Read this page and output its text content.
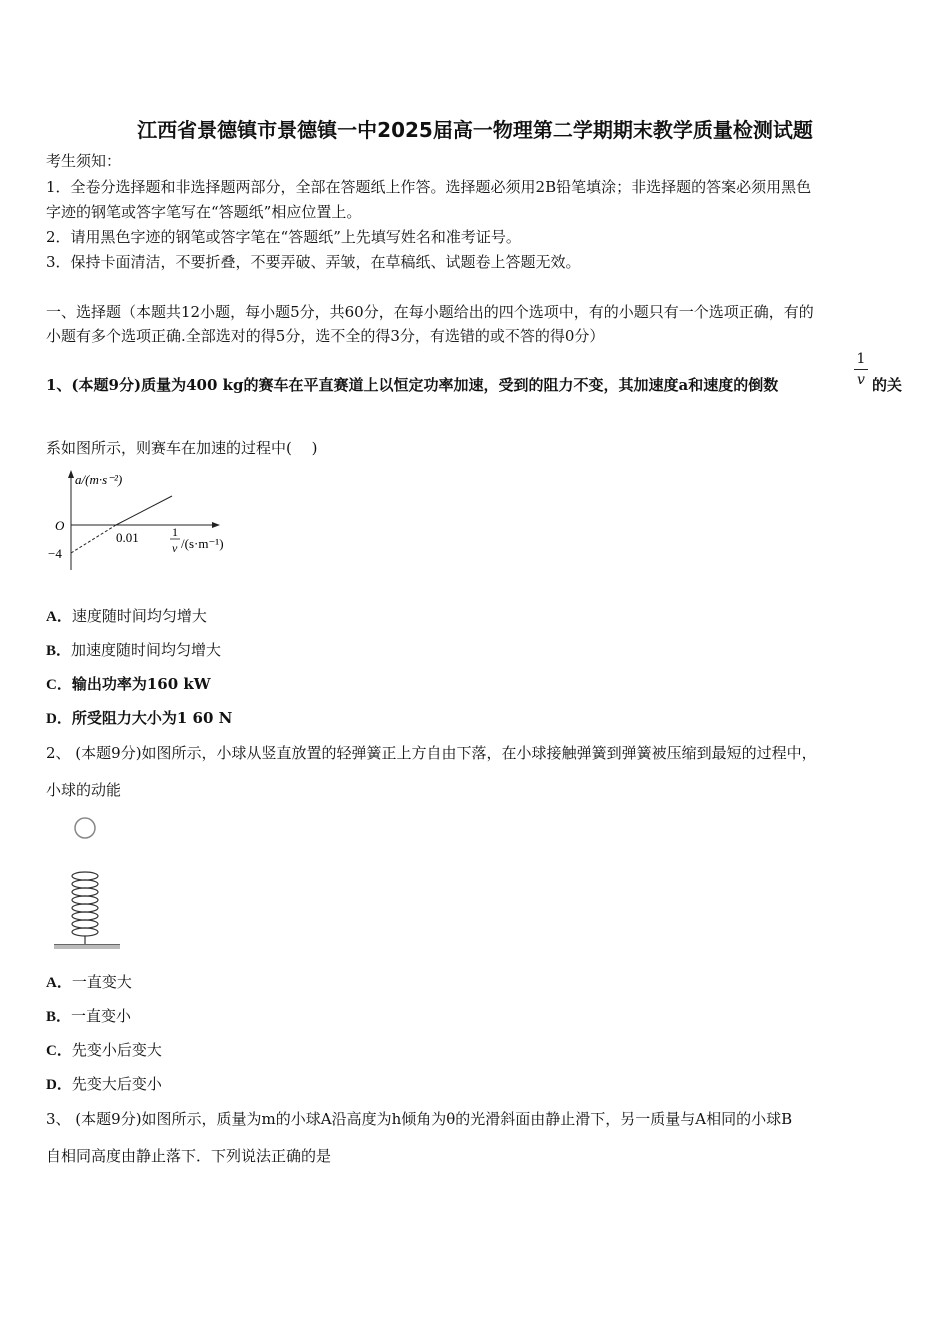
江西省景德镇市景德镇一中2025届高一物理第二学期期末教学质量检测试题
考生须知：
1．全卷分选择题和非选择题两部分，全部在答题纸上作答。选择题必须用2B铅笔填涂；非选择题的答案必须用黑色
字迹的钢笔或答字笔写在“答题纸”相应位置上。
2．请用黑色字迹的钢笔或答字笔在“答题纸”上先填写姓名和准考证号。
3．保持卡面清洁，不要折叠，不要弄破、弄皱，在草稿纸、试题卷上答题无效。
一、选择题（本题共12小题，每小题5分，共60分，在每小题给出的四个选项中，有的小题只有一个选项正确，有的
小题有多个选项正确.全部选对的得5分，选不全的得3分，有选错的或不答的得0分）
1、(本题9分)质量为400 kg的赛车在平直赛道上以恒定功率加速，受到的阻力不变，其加速度a和速度的倒数
1
v 的关
系如图所示，则赛车在加速的过程中(　 )
a/(m·s⁻²)
O
−4
0.01	1
v /(s·m⁻¹)
A．速度随时间均匀增大
B．加速度随时间均匀增大
C．输出功率为160 kW
D．所受阻力大小为1 60 N
2、 (本题9分)如图所示，小球从竖直放置的轻弹簧正上方自由下落，在小球接触弹簧到弹簧被压缩到最短的过程中，
小球的动能
A．一直变大
B．一直变小
C．先变小后变大
D．先变大后变小
3、 (本题9分)如图所示，质量为m的小球A沿高度为h倾角为θ的光滑斜面由静止滑下，另一质量与A相同的小球B
自相同高度由静止落下．下列说法正确的是
